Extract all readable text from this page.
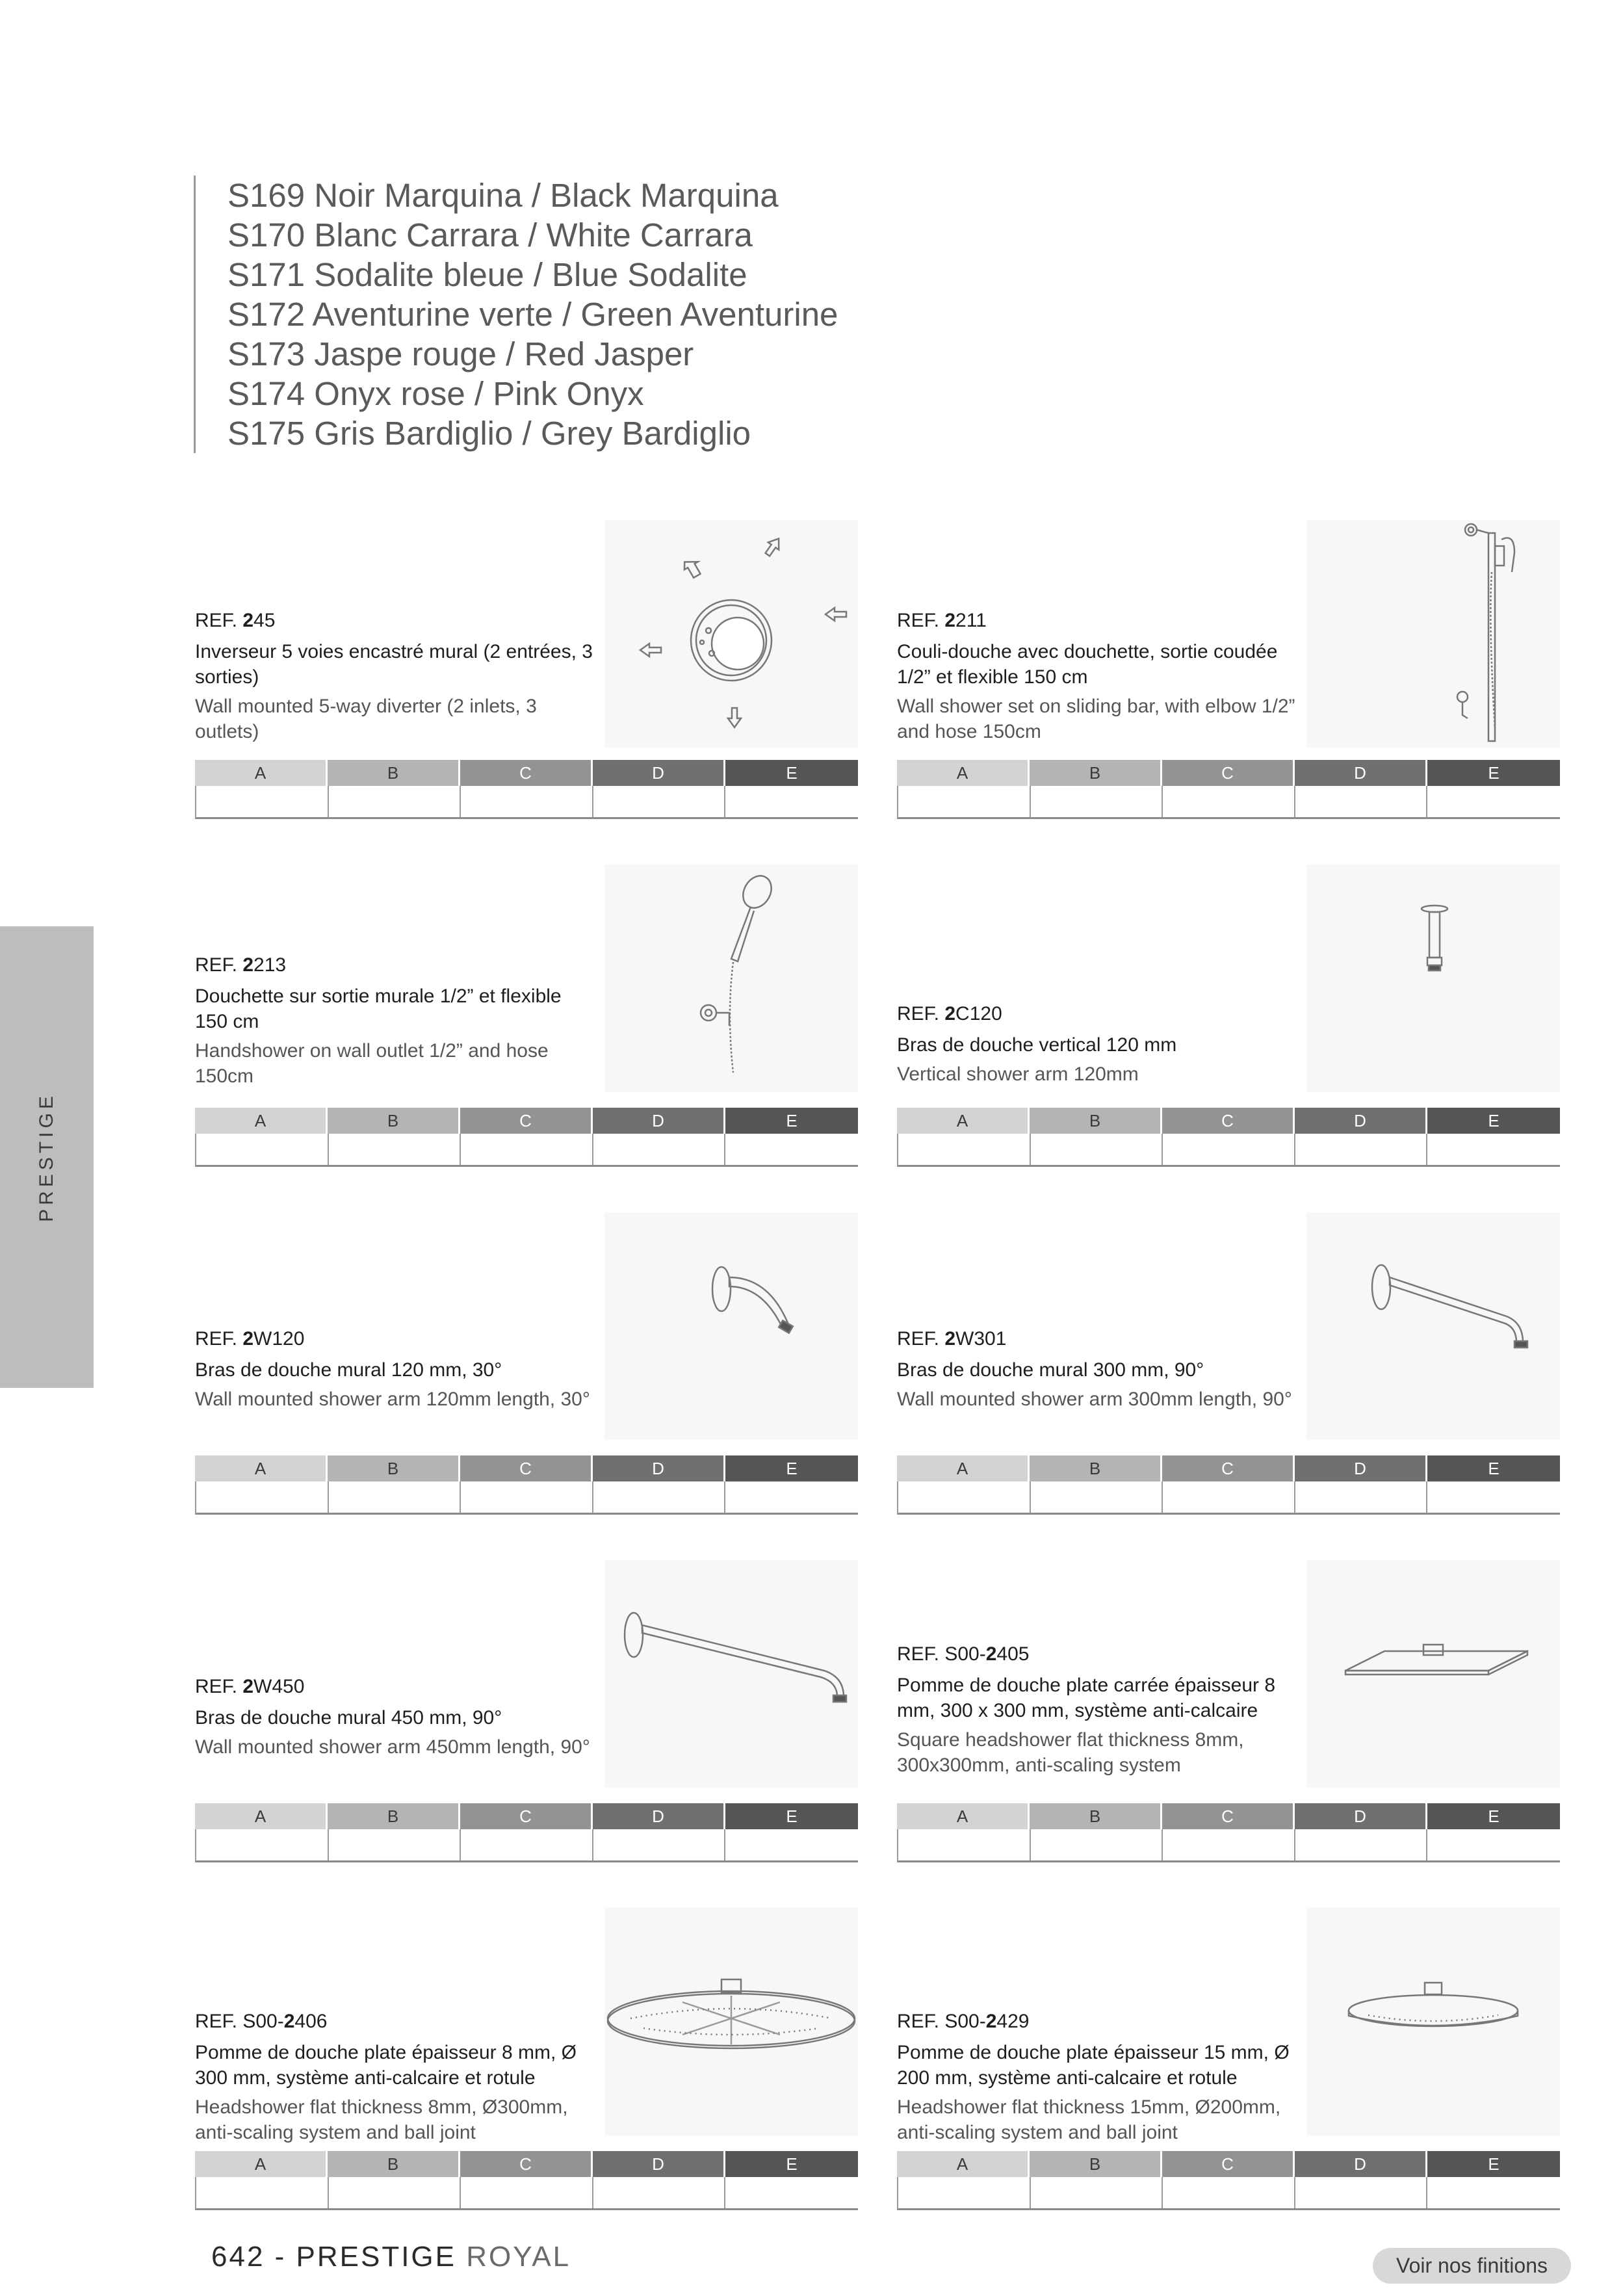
S169 Noir Marquina / Black Marquina
S170 Blanc Carrara / White Carrara
S171 Sodalite bleue / Blue Sodalite
S172 Aventurine verte / Green Aventurine
S173 Jaspe rouge / Red Jasper
S174 Onyx rose / Pink Onyx
S175 Gris Bardiglio / Grey Bardiglio
PRESTIGE
REF. 245
Inverseur 5 voies encastré mural (2 entrées, 3 sorties)
Wall mounted 5-way diverter (2 inlets, 3 outlets)
A	B	C	D	E
REF. 2211
Couli-douche avec douchette, sortie coudée 1/2” et flexible 150 cm
Wall shower set on sliding bar, with elbow 1/2” and hose 150cm
A	B	C	D	E
REF. 2213
Douchette sur sortie murale 1/2” et flexible 150 cm
Handshower on wall outlet 1/2” and hose 150cm
A	B	C	D	E
REF. 2C120
Bras de douche vertical 120 mm
Vertical shower arm 120mm
A	B	C	D	E
REF. 2W120
Bras de douche mural 120 mm, 30°
Wall mounted shower arm 120mm length, 30°
A	B	C	D	E
REF. 2W301
Bras de douche mural 300 mm, 90°
Wall mounted shower arm 300mm length, 90°
A	B	C	D	E
REF. 2W450
Bras de douche mural 450 mm, 90°
Wall mounted shower arm 450mm length, 90°
A	B	C	D	E
REF. S00-2405
Pomme de douche plate carrée épaisseur 8 mm, 300 x 300 mm, système anti-calcaire
Square headshower flat thickness 8mm, 300x300mm, anti-scaling system
A	B	C	D	E
REF. S00-2406
Pomme de douche plate épaisseur 8 mm, Ø 300 mm, système anti-calcaire et rotule
Headshower flat thickness 8mm, Ø300mm, anti-scaling system and ball joint
A	B	C	D	E
REF. S00-2429
Pomme de douche plate épaisseur 15 mm, Ø 200 mm, système anti-calcaire et rotule
Headshower flat thickness 15mm, Ø200mm, anti-scaling system and ball joint
A	B	C	D	E
642 - PRESTIGE ROYAL	Voir nos finitions
